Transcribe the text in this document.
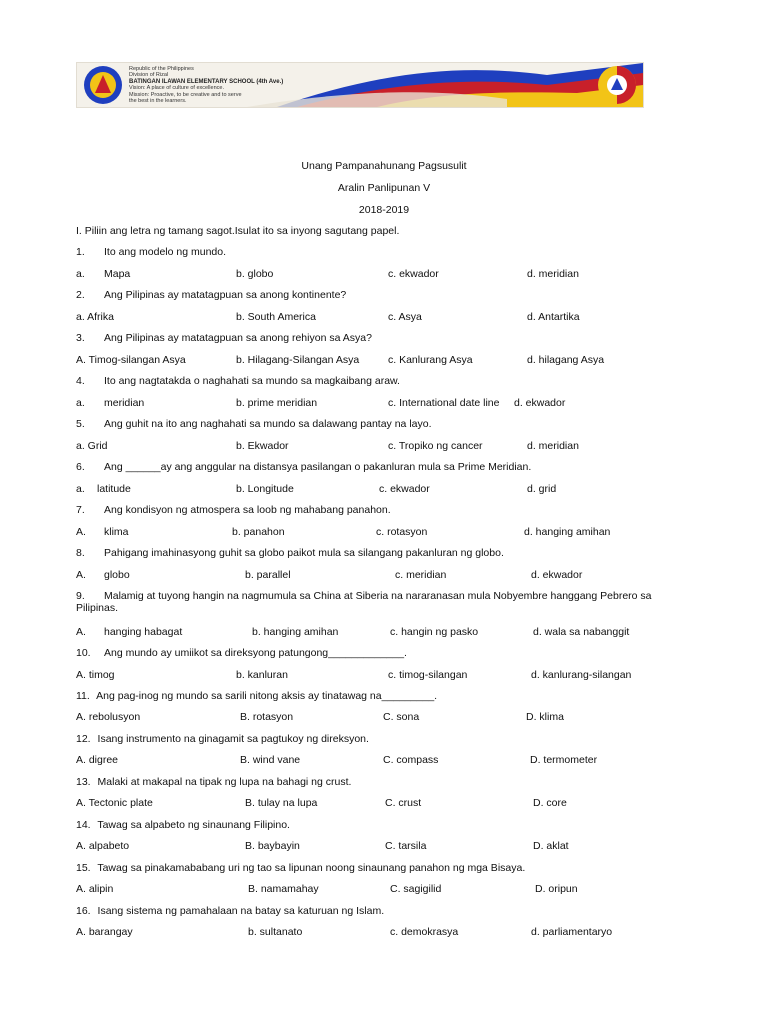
Republic of the Philippines
Division of Rizal
BATINGAN ILAWAN ELEMENTARY SCHOOL (4th Ave.)
Vision: A place of culture of excellence.
Mission: Proactive, to be creative and to serve
the best in the learners.
Unang Pampanahunang Pagsusulit
Aralin Panlipunan V
2018-2019
I. Piliin ang letra ng tamang sagot.Isulat ito sa inyong sagutang papel.
1. Ito ang modelo ng mundo.
a. Mapa	b. globo	c. ekwador	d. meridian
2. Ang Pilipinas ay matatagpuan sa anong kontinente?
a. Afrika	b. South America	c. Asya	d. Antartika
3. Ang Pilipinas ay matatagpuan sa anong rehiyon sa Asya?
A. Timog-silangan Asya	b. Hilagang-Silangan Asya	c. Kanlurang Asya	d. hilagang Asya
4. Ito ang nagtatakda o naghahati sa mundo sa magkaibang araw.
a. meridian	b. prime meridian	c. International date line d. ekwador
5. Ang guhit na ito ang naghahati sa mundo sa dalawang pantay na layo.
a. Grid	b. Ekwador	c. Tropiko ng cancer	d. meridian
6. Ang ______ay ang anggular na distansya pasilangan o pakanluran mula sa Prime Meridian.
a. latitude	b. Longitude	c. ekwador	d. grid
7. Ang kondisyon ng atmospera sa loob ng mahabang panahon.
A. klima	b. panahon	c. rotasyon	d. hanging amihan
8. Pahigang imahinasyong guhit sa globo paikot mula sa silangang pakanluran ng globo.
A. globo	b. parallel	c. meridian	d. ekwador
9. Malamig at tuyong hangin na nagmumula sa China at Siberia na nararanasan mula Nobyembre hanggang Pebrero sa Pilipinas.
A. hanging habagat	b. hanging amihan	c. hangin ng pasko	d. wala sa nabanggit
10. Ang mundo ay umiikot sa direksyong patungong_____________.
A. timog	b. kanluran	c. timog-silangan	d. kanlurang-silangan
11. Ang pag-inog ng mundo sa sarili nitong aksis ay tinatawag na_________.
A. rebolusyon	B. rotasyon	C. sona	D. klima
12. Isang instrumento na ginagamit sa pagtukoy ng direksyon.
A. digree	B. wind vane	C. compass	D. termometer
13. Malaki at makapal na tipak ng lupa na bahagi ng crust.
A. Tectonic plate	B. tulay na lupa	C. crust	D. core
14. Tawag sa alpabeto ng sinaunang Filipino.
A. alpabeto	B. baybayin	C. tarsila	D. aklat
15. Tawag sa pinakamababang uri ng tao sa lipunan noong sinaunang panahon ng mga Bisaya.
A. alipin	B. namamahay	C. sagigilid	D. oripun
16. Isang sistema ng pamahalaan na batay sa katuruan ng Islam.
A. barangay	b. sultanato	c. demokrasya	d. parliamentaryo
